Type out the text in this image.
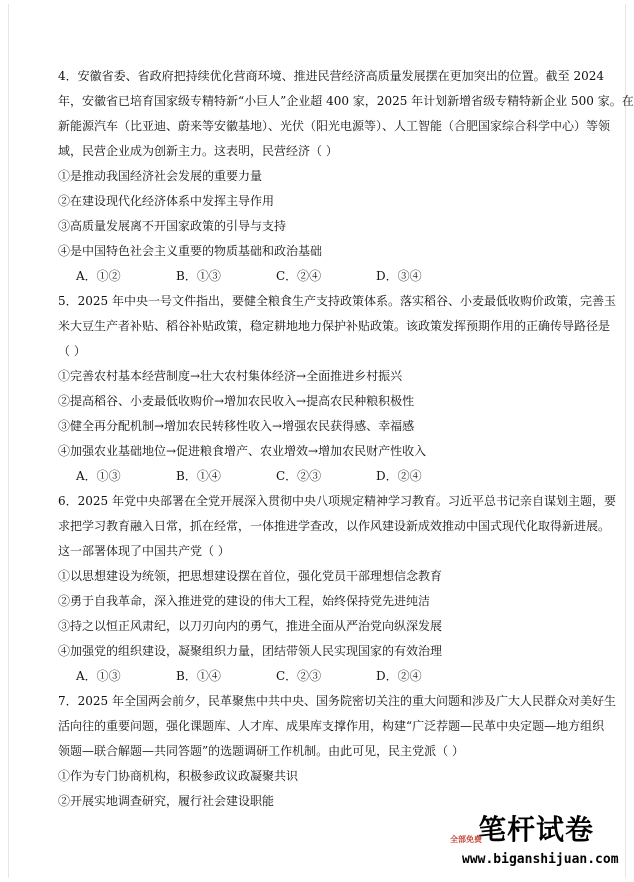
4．安徽省委、省政府把持续优化营商环境、推进民营经济高质量发展摆在更加突出的位置。截至 2024
年，安徽省已培育国家级专精特新“小巨人”企业超 400 家，2025 年计划新增省级专精特新企业 500 家。在
新能源汽车（比亚迪、蔚来等安徽基地）、光伏（阳光电源等）、人工智能（合肥国家综合科学中心）等领
域，民营企业成为创新主力。这表明，民营经济（ ）
①是推动我国经济社会发展的重要力量
②在建设现代化经济体系中发挥主导作用
③高质量发展离不开国家政策的引导与支持
④是中国特色社会主义重要的物质基础和政治基础
A．①②	B．①③	C．②④	D．③④
5．2025 年中央一号文件指出，要健全粮食生产支持政策体系。落实稻谷、小麦最低收购价政策，完善玉
米大豆生产者补贴、稻谷补贴政策，稳定耕地地力保护补贴政策。该政策发挥预期作用的正确传导路径是
（ ）
①完善农村基本经营制度→壮大农村集体经济→全面推进乡村振兴
②提高稻谷、小麦最低收购价→增加农民收入→提高农民种粮积极性
③健全再分配机制→增加农民转移性收入→增强农民获得感、幸福感
④加强农业基础地位→促进粮食增产、农业增效→增加农民财产性收入
A．①③	B．①④	C．②③	D．②④
6．2025 年党中央部署在全党开展深入贯彻中央八项规定精神学习教育。习近平总书记亲自谋划主题，要
求把学习教育融入日常，抓在经常，一体推进学查改，以作风建设新成效推动中国式现代化取得新进展。
这一部署体现了中国共产党（ ）
①以思想建设为统领，把思想建设摆在首位，强化党员干部理想信念教育
②勇于自我革命，深入推进党的建设的伟大工程，始终保持党先进纯洁
③持之以恒正风肃纪，以刀刃向内的勇气，推进全面从严治党向纵深发展
④加强党的组织建设，凝聚组织力量，团结带领人民实现国家的有效治理
A．①③	B．①④	C．②③	D．②④
7．2025 年全国两会前夕，民革聚焦中共中央、国务院密切关注的重大问题和涉及广大人民群众对美好生
活向往的重要问题，强化课题库、人才库、成果库支撑作用，构建“广泛荐题—民革中央定题—地方组织
领题—联合解题—共同答题”的选题调研工作机制。由此可见，民主党派（ ）
①作为专门协商机构，积极参政议政凝聚共识
②开展实地调查研究，履行社会建设职能
笔杆试卷
全部免费
www.biganshijuan.com
